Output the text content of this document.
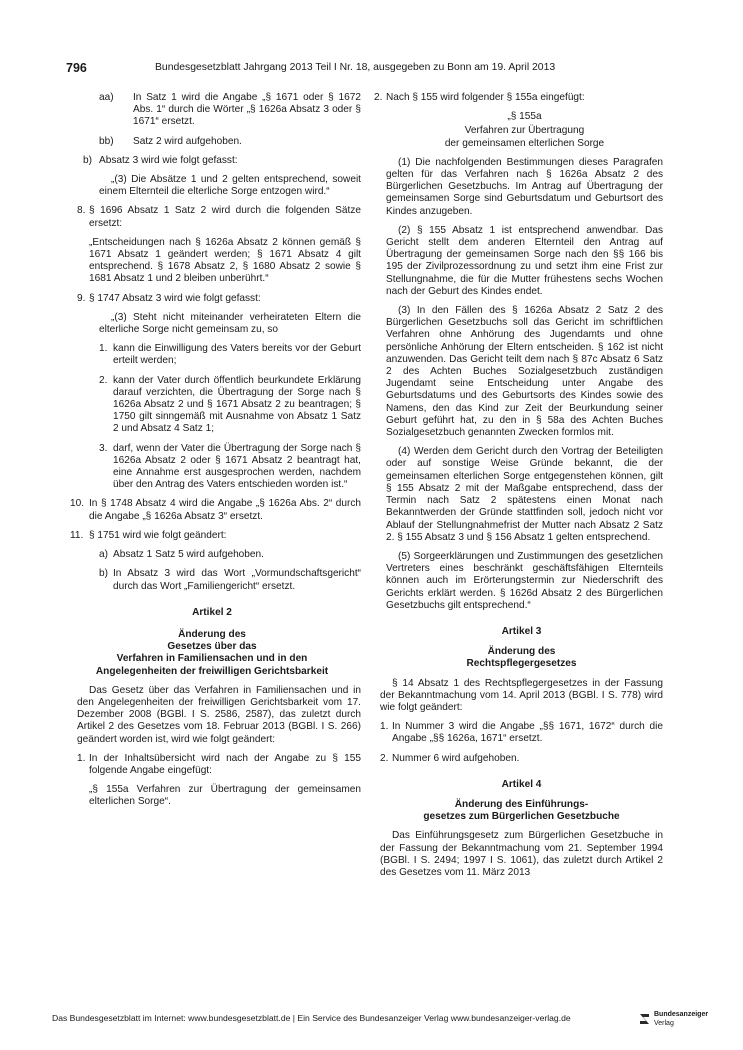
796	Bundesgesetzblatt Jahrgang 2013 Teil I Nr. 18, ausgegeben zu Bonn am 19. April 2013
aa) In Satz 1 wird die Angabe „§ 1671 oder § 1672 Abs. 1“ durch die Wörter „§ 1626a Absatz 3 oder § 1671“ ersetzt.
bb) Satz 2 wird aufgehoben.
b) Absatz 3 wird wie folgt gefasst:
„(3) Die Absätze 1 und 2 gelten entsprechend, soweit einem Elternteil die elterliche Sorge entzogen wird.“
8. § 1696 Absatz 1 Satz 2 wird durch die folgenden Sätze ersetzt:
„Entscheidungen nach § 1626a Absatz 2 können gemäß § 1671 Absatz 1 geändert werden; § 1671 Absatz 4 gilt entsprechend. § 1678 Absatz 2, § 1680 Absatz 2 sowie § 1681 Absatz 1 und 2 bleiben unberührt.“
9. § 1747 Absatz 3 wird wie folgt gefasst:
„(3) Steht nicht miteinander verheirateten Eltern die elterliche Sorge nicht gemeinsam zu, so
1. kann die Einwilligung des Vaters bereits vor der Geburt erteilt werden;
2. kann der Vater durch öffentlich beurkundete Erklärung darauf verzichten, die Übertragung der Sorge nach § 1626a Absatz 2 und § 1671 Absatz 2 zu beantragen; § 1750 gilt sinngemäß mit Ausnahme von Absatz 1 Satz 2 und Absatz 4 Satz 1;
3. darf, wenn der Vater die Übertragung der Sorge nach § 1626a Absatz 2 oder § 1671 Absatz 2 beantragt hat, eine Annahme erst ausgesprochen werden, nachdem über den Antrag des Vaters entschieden worden ist.“
10. In § 1748 Absatz 4 wird die Angabe „§ 1626a Abs. 2“ durch die Angabe „§ 1626a Absatz 3“ ersetzt.
11. § 1751 wird wie folgt geändert:
a) Absatz 1 Satz 5 wird aufgehoben.
b) In Absatz 3 wird das Wort „Vormundschaftsgericht“ durch das Wort „Familiengericht“ ersetzt.
Artikel 2
Änderung des
Gesetzes über das
Verfahren in Familiensachen und in den
Angelegenheiten der freiwilligen Gerichtsbarkeit
Das Gesetz über das Verfahren in Familiensachen und in den Angelegenheiten der freiwilligen Gerichtsbarkeit vom 17. Dezember 2008 (BGBl. I S. 2586, 2587), das zuletzt durch Artikel 2 des Gesetzes vom 18. Februar 2013 (BGBl. I S. 266) geändert worden ist, wird wie folgt geändert:
1. In der Inhaltsübersicht wird nach der Angabe zu § 155 folgende Angabe eingefügt:
„§ 155a Verfahren zur Übertragung der gemeinsamen elterlichen Sorge“.
2. Nach § 155 wird folgender § 155a eingefügt:
„§ 155a
Verfahren zur Übertragung
der gemeinsamen elterlichen Sorge
(1) Die nachfolgenden Bestimmungen dieses Paragrafen gelten für das Verfahren nach § 1626a Absatz 2 des Bürgerlichen Gesetzbuchs. Im Antrag auf Übertragung der gemeinsamen Sorge sind Geburtsdatum und Geburtsort des Kindes anzugeben.
(2) § 155 Absatz 1 ist entsprechend anwendbar. Das Gericht stellt dem anderen Elternteil den Antrag auf Übertragung der gemeinsamen Sorge nach den §§ 166 bis 195 der Zivilprozessordnung zu und setzt ihm eine Frist zur Stellungnahme, die für die Mutter frühestens sechs Wochen nach der Geburt des Kindes endet.
(3) In den Fällen des § 1626a Absatz 2 Satz 2 des Bürgerlichen Gesetzbuchs soll das Gericht im schriftlichen Verfahren ohne Anhörung des Jugendamts und ohne persönliche Anhörung der Eltern entscheiden. § 162 ist nicht anzuwenden. Das Gericht teilt dem nach § 87c Absatz 6 Satz 2 des Achten Buches Sozialgesetzbuch zuständigen Jugendamt seine Entscheidung unter Angabe des Geburtsdatums und des Geburtsorts des Kindes sowie des Namens, den das Kind zur Zeit der Beurkundung seiner Geburt geführt hat, zu den in § 58a des Achten Buches Sozialgesetzbuch genannten Zwecken formlos mit.
(4) Werden dem Gericht durch den Vortrag der Beteiligten oder auf sonstige Weise Gründe bekannt, die der gemeinsamen elterlichen Sorge entgegenstehen können, gilt § 155 Absatz 2 mit der Maßgabe entsprechend, dass der Termin nach Satz 2 spätestens einen Monat nach Bekanntwerden der Gründe stattfinden soll, jedoch nicht vor Ablauf der Stellungnahmefrist der Mutter nach Absatz 2 Satz 2. § 155 Absatz 3 und § 156 Absatz 1 gelten entsprechend.
(5) Sorgeerklärungen und Zustimmungen des gesetzlichen Vertreters eines beschränkt geschäftsfähigen Elternteils können auch im Erörterungstermin zur Niederschrift des Gerichts erklärt werden. § 1626d Absatz 2 des Bürgerlichen Gesetzbuchs gilt entsprechend.“
Artikel 3
Änderung des
Rechtspflegergesetzes
§ 14 Absatz 1 des Rechtspflegergesetzes in der Fassung der Bekanntmachung vom 14. April 2013 (BGBl. I S. 778) wird wie folgt geändert:
1. In Nummer 3 wird die Angabe „§§ 1671, 1672“ durch die Angabe „§§ 1626a, 1671“ ersetzt.
2. Nummer 6 wird aufgehoben.
Artikel 4
Änderung des Einführungs-
gesetzes zum Bürgerlichen Gesetzbuche
Das Einführungsgesetz zum Bürgerlichen Gesetzbuche in der Fassung der Bekanntmachung vom 21. September 1994 (BGBl. I S. 2494; 1997 I S. 1061), das zuletzt durch Artikel 2 des Gesetzes vom 11. März 2013
Das Bundesgesetzblatt im Internet: www.bundesgesetzblatt.de | Ein Service des Bundesanzeiger Verlag www.bundesanzeiger-verlag.de	Bundesanzeiger
Verlag
